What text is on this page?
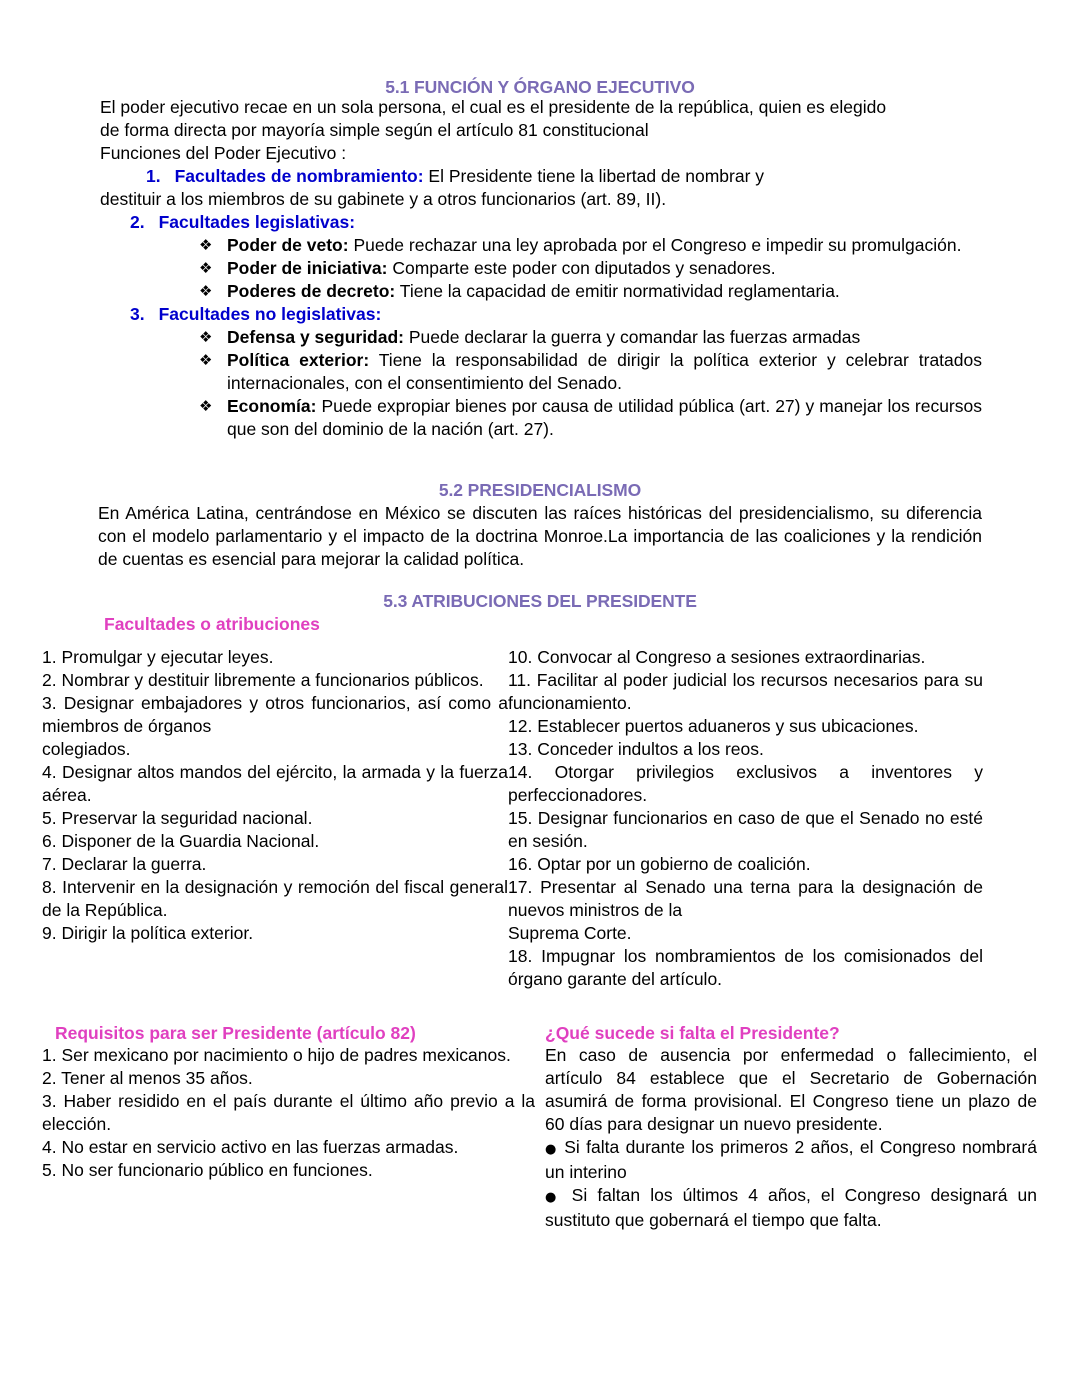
5.1 FUNCIÓN Y ÓRGANO EJECUTIVO
El poder ejecutivo recae en un sola persona, el cual es el presidente de la república, quien es elegido
de forma directa por mayoría simple según el artículo 81 constitucional
Funciones del Poder Ejecutivo :
1. Facultades de nombramiento: El Presidente tiene la libertad de nombrar y
destituir a los miembros de su gabinete y a otros funcionarios (art. 89, II).
2. Facultades legislativas:
❖ Poder de veto: Puede rechazar una ley aprobada por el Congreso e impedir su promulgación.
❖ Poder de iniciativa: Comparte este poder con diputados y senadores.
❖ Poderes de decreto: Tiene la capacidad de emitir normatividad reglamentaria.
3. Facultades no legislativas:
❖ Defensa y seguridad: Puede declarar la guerra y comandar las fuerzas armadas
❖ Política exterior: Tiene la responsabilidad de dirigir la política exterior y celebrar tratados internacionales, con el consentimiento del Senado.
❖ Economía: Puede expropiar bienes por causa de utilidad pública (art. 27) y manejar los recursos que son del dominio de la nación (art. 27).
5.2 PRESIDENCIALISMO
En América Latina, centrándose en México se discuten las raíces históricas del presidencialismo, su diferencia con el modelo parlamentario y el impacto de la doctrina Monroe.La importancia de las coaliciones y la rendición de cuentas es esencial para mejorar la calidad política.
5.3 ATRIBUCIONES DEL PRESIDENTE
Facultades o atribuciones
1. Promulgar y ejecutar leyes.
2. Nombrar y destituir libremente a funcionarios públicos.
3. Designar embajadores y otros funcionarios, así como a miembros de órganos
colegiados.
4. Designar altos mandos del ejército, la armada y la fuerza aérea.
5. Preservar la seguridad nacional.
6. Disponer de la Guardia Nacional.
7. Declarar la guerra.
8. Intervenir en la designación y remoción del fiscal general de la República.
9. Dirigir la política exterior.
10. Convocar al Congreso a sesiones extraordinarias.
11. Facilitar al poder judicial los recursos necesarios para su funcionamiento.
12. Establecer puertos aduaneros y sus ubicaciones.
13. Conceder indultos a los reos.
14. Otorgar privilegios exclusivos a inventores y perfeccionadores.
15. Designar funcionarios en caso de que el Senado no esté en sesión.
16. Optar por un gobierno de coalición.
17. Presentar al Senado una terna para la designación de nuevos ministros de la
Suprema Corte.
18. Impugnar los nombramientos de los comisionados del órgano garante del artículo.
Requisitos para ser Presidente (artículo 82)
1. Ser mexicano por nacimiento o hijo de padres mexicanos.
2. Tener al menos 35 años.
3. Haber residido en el país durante el último año previo a la elección.
4. No estar en servicio activo en las fuerzas armadas.
5. No ser funcionario público en funciones.
¿Qué sucede si falta el Presidente?
En caso de ausencia por enfermedad o fallecimiento, el artículo 84 establece que el Secretario de Gobernación asumirá de forma provisional. El Congreso tiene un plazo de 60 días para designar un nuevo presidente.
● Si falta durante los primeros 2 años, el Congreso nombrará un interino
● Si faltan los últimos 4 años, el Congreso designará un sustituto que gobernará el tiempo que falta.
